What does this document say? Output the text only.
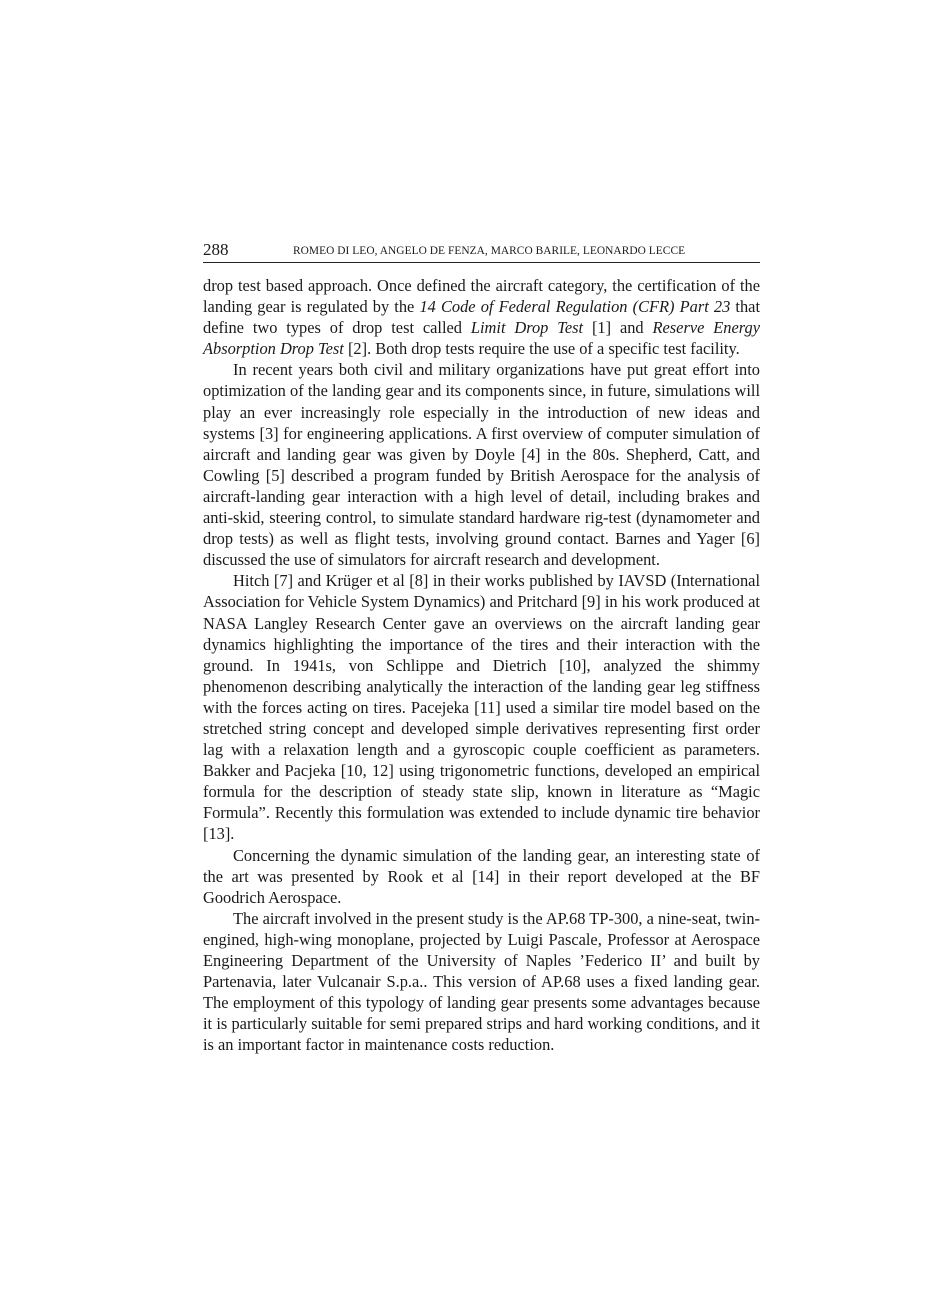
288	ROMEO DI LEO, ANGELO DE FENZA, MARCO BARILE, LEONARDO LECCE

drop test based approach. Once defined the aircraft category, the certification of the landing gear is regulated by the 14 Code of Federal Regulation (CFR) Part 23 that define two types of drop test called Limit Drop Test [1] and Reserve Energy Absorption Drop Test [2]. Both drop tests require the use of a specific test facility.

In recent years both civil and military organizations have put great effort into optimization of the landing gear and its components since, in future, simulations will play an ever increasingly role especially in the introduction of new ideas and systems [3] for engineering applications. A first overview of computer simulation of aircraft and landing gear was given by Doyle [4] in the 80s. Shepherd, Catt, and Cowling [5] described a program funded by British Aerospace for the analysis of aircraft-landing gear interaction with a high level of detail, including brakes and anti-skid, steering control, to simulate standard hardware rig-test (dynamometer and drop tests) as well as flight tests, involving ground contact. Barnes and Yager [6] discussed the use of simulators for aircraft research and development.

Hitch [7] and Krüger et al [8] in their works published by IAVSD (International Association for Vehicle System Dynamics) and Pritchard [9] in his work produced at NASA Langley Research Center gave an overviews on the aircraft landing gear dynamics highlighting the importance of the tires and their interaction with the ground. In 1941s, von Schlippe and Dietrich [10], analyzed the shimmy phenomenon describing analytically the interaction of the landing gear leg stiffness with the forces acting on tires. Pacejeka [11] used a similar tire model based on the stretched string concept and developed simple derivatives representing first order lag with a relaxation length and a gyroscopic couple coefficient as parameters. Bakker and Pacjeka [10, 12] using trigonometric functions, developed an empirical formula for the description of steady state slip, known in literature as “Magic Formula”. Recently this formulation was extended to include dynamic tire behavior [13].

Concerning the dynamic simulation of the landing gear, an interesting state of the art was presented by Rook et al [14] in their report developed at the BF Goodrich Aerospace.

The aircraft involved in the present study is the AP.68 TP-300, a nine-seat, twin-engined, high-wing monoplane, projected by Luigi Pascale, Professor at Aerospace Engineering Department of the University of Naples ’Federico II’ and built by Partenavia, later Vulcanair S.p.a.. This version of AP.68 uses a fixed landing gear. The employment of this typology of landing gear presents some advantages because it is particularly suitable for semi prepared strips and hard working conditions, and it is an important factor in maintenance costs reduction.
